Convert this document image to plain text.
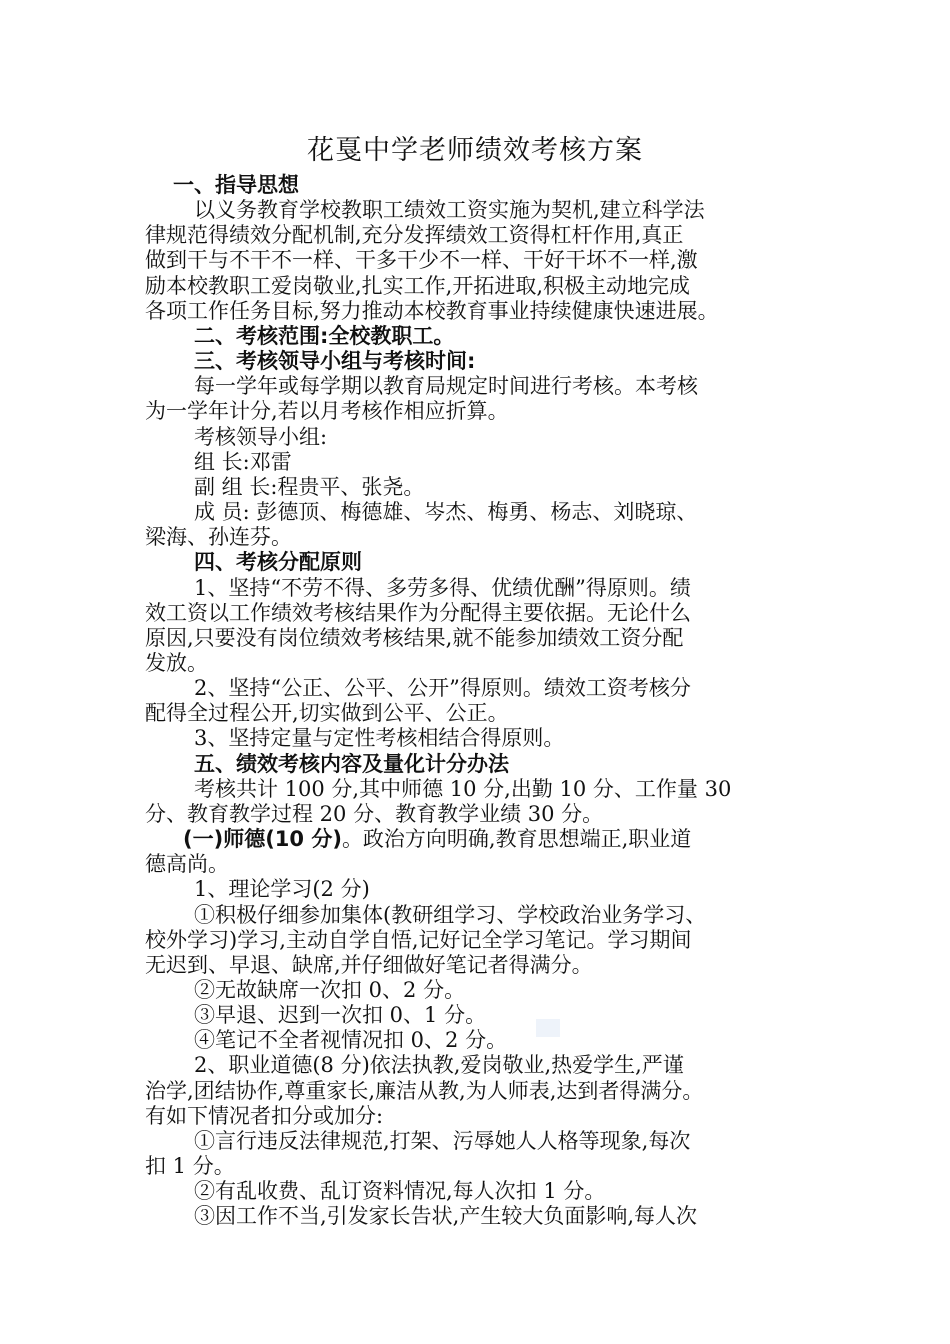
花戛中学老师绩效考核方案

一、指导思想

以义务教育学校教职工绩效工资实施为契机,建立科学法

律规范得绩效分配机制,充分发挥绩效工资得杠杆作用,真正

做到干与不干不一样、干多干少不一样、干好干坏不一样,激

励本校教职工爱岗敬业,扎实工作,开拓进取,积极主动地完成

各项工作任务目标,努力推动本校教育事业持续健康快速进展。

二、考核范围:全校教职工。

三、考核领导小组与考核时间:

每一学年或每学期以教育局规定时间进行考核。本考核

为一学年计分,若以月考核作相应折算。

考核领导小组:

组 长:邓雷

副 组 长:程贵平、张尧。

成 员: 彭德顶、梅德雄、岑杰、梅勇、杨志、刘晓琼、

梁海、孙连芬。

四、考核分配原则

1、坚持“不劳不得、多劳多得、优绩优酬”得原则。绩

效工资以工作绩效考核结果作为分配得主要依据。无论什么

原因,只要没有岗位绩效考核结果,就不能参加绩效工资分配

发放。

2、坚持“公正、公平、公开”得原则。绩效工资考核分

配得全过程公开,切实做到公平、公正。

3、坚持定量与定性考核相结合得原则。

五、绩效考核内容及量化计分办法

考核共计 100 分,其中师德 10 分,出勤 10 分、工作量 30

分、教育教学过程 20 分、教育教学业绩 30 分。

(一)师德(10 分)。政治方向明确,教育思想端正,职业道

德高尚。

1、理论学习(2 分)

①积极仔细参加集体(教研组学习、学校政治业务学习、

校外学习)学习,主动自学自悟,记好记全学习笔记。学习期间

无迟到、早退、缺席,并仔细做好笔记者得满分。

②无故缺席一次扣 0、2 分。

③早退、迟到一次扣 0、1 分。

④笔记不全者视情况扣 0、2 分。

2、职业道德(8 分)依法执教,爱岗敬业,热爱学生,严谨

治学,团结协作,尊重家长,廉洁从教,为人师表,达到者得满分。

有如下情况者扣分或加分:

①言行违反法律规范,打架、污辱她人人格等现象,每次

扣 1 分。

②有乱收费、乱订资料情况,每人次扣 1 分。

③因工作不当,引发家长告状,产生较大负面影响,每人次
